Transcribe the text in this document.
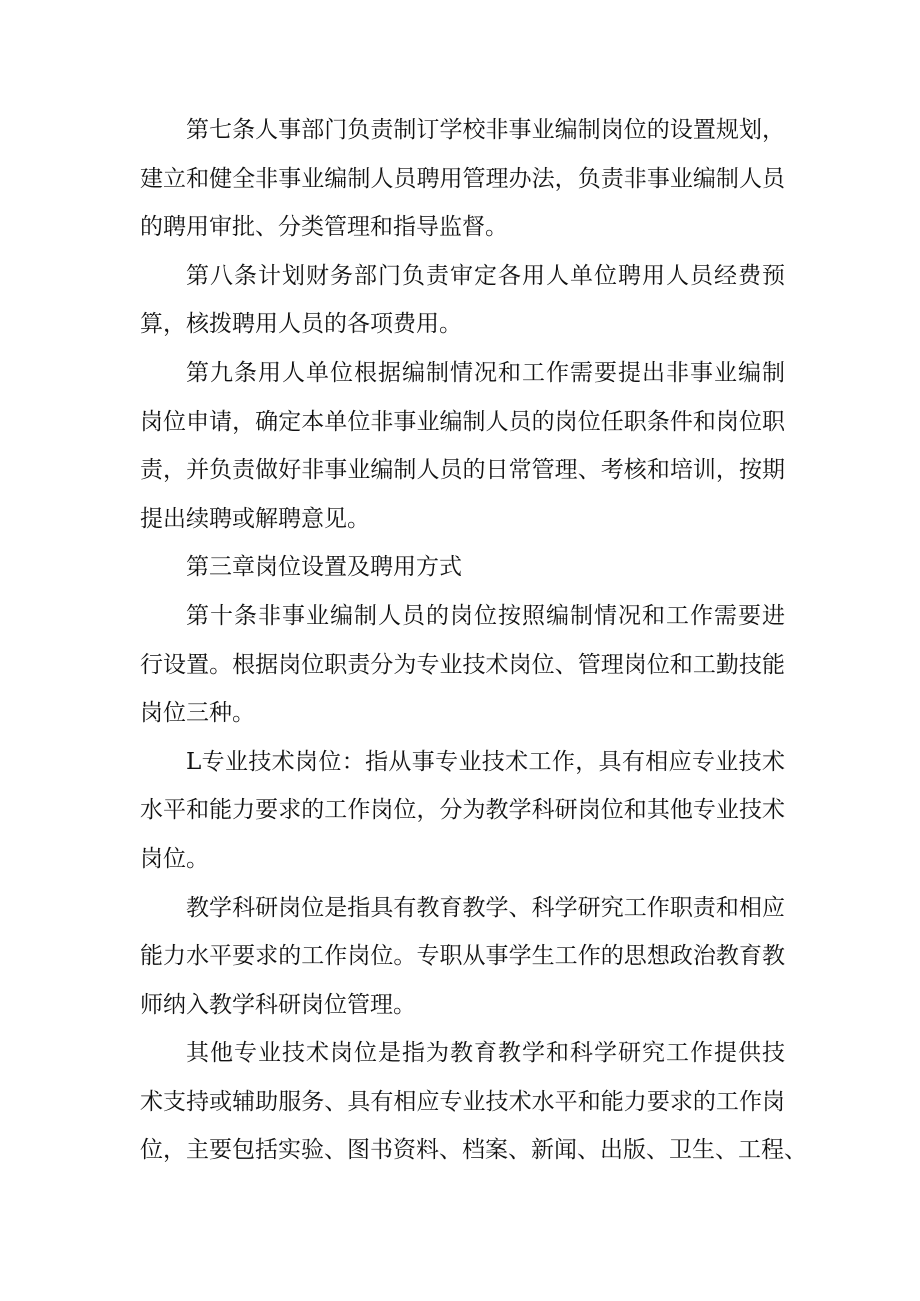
第七条人事部门负责制订学校非事业编制岗位的设置规划，
建立和健全非事业编制人员聘用管理办法，负责非事业编制人员
的聘用审批、分类管理和指导监督。
第八条计划财务部门负责审定各用人单位聘用人员经费预
算，核拨聘用人员的各项费用。
第九条用人单位根据编制情况和工作需要提出非事业编制
岗位申请，确定本单位非事业编制人员的岗位任职条件和岗位职
责，并负责做好非事业编制人员的日常管理、考核和培训，按期
提出续聘或解聘意见。
第三章岗位设置及聘用方式
第十条非事业编制人员的岗位按照编制情况和工作需要进
行设置。根据岗位职责分为专业技术岗位、管理岗位和工勤技能
岗位三种。
L专业技术岗位：指从事专业技术工作，具有相应专业技术
水平和能力要求的工作岗位，分为教学科研岗位和其他专业技术
岗位。
教学科研岗位是指具有教育教学、科学研究工作职责和相应
能力水平要求的工作岗位。专职从事学生工作的思想政治教育教
师纳入教学科研岗位管理。
其他专业技术岗位是指为教育教学和科学研究工作提供技
术支持或辅助服务、具有相应专业技术水平和能力要求的工作岗
位，主要包括实验、图书资料、档案、新闻、出版、卫生、工程、
